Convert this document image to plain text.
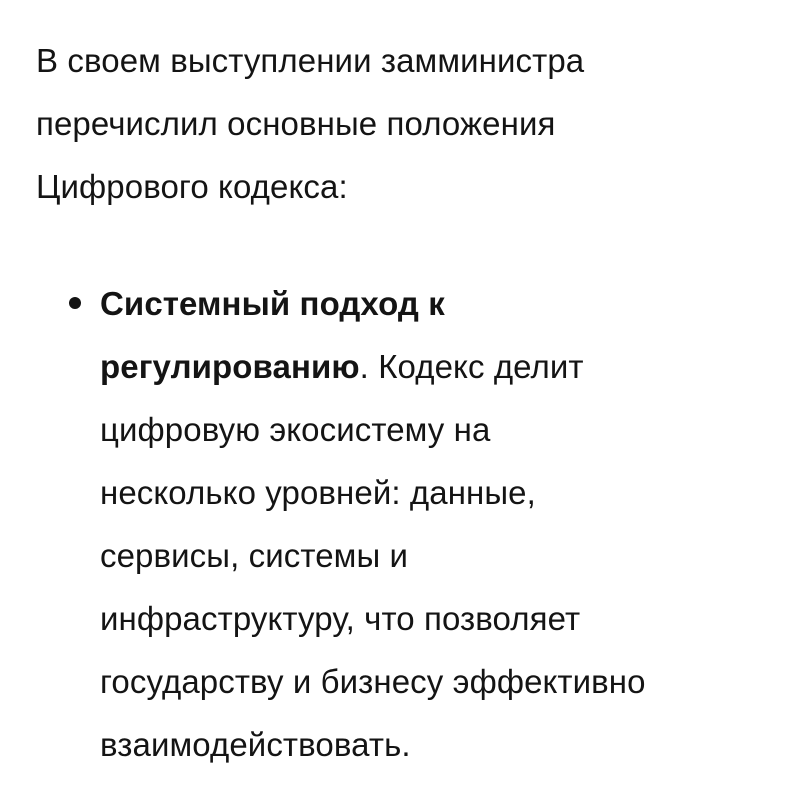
В своем выступлении замминистра
перечислил основные положения
Цифрового кодекса:

Системный подход к
регулированию. Кодекс делит
цифровую экосистему на
несколько уровней: данные,
сервисы, системы и
инфраструктуру, что позволяет
государству и бизнесу эффективно
взаимодействовать.
